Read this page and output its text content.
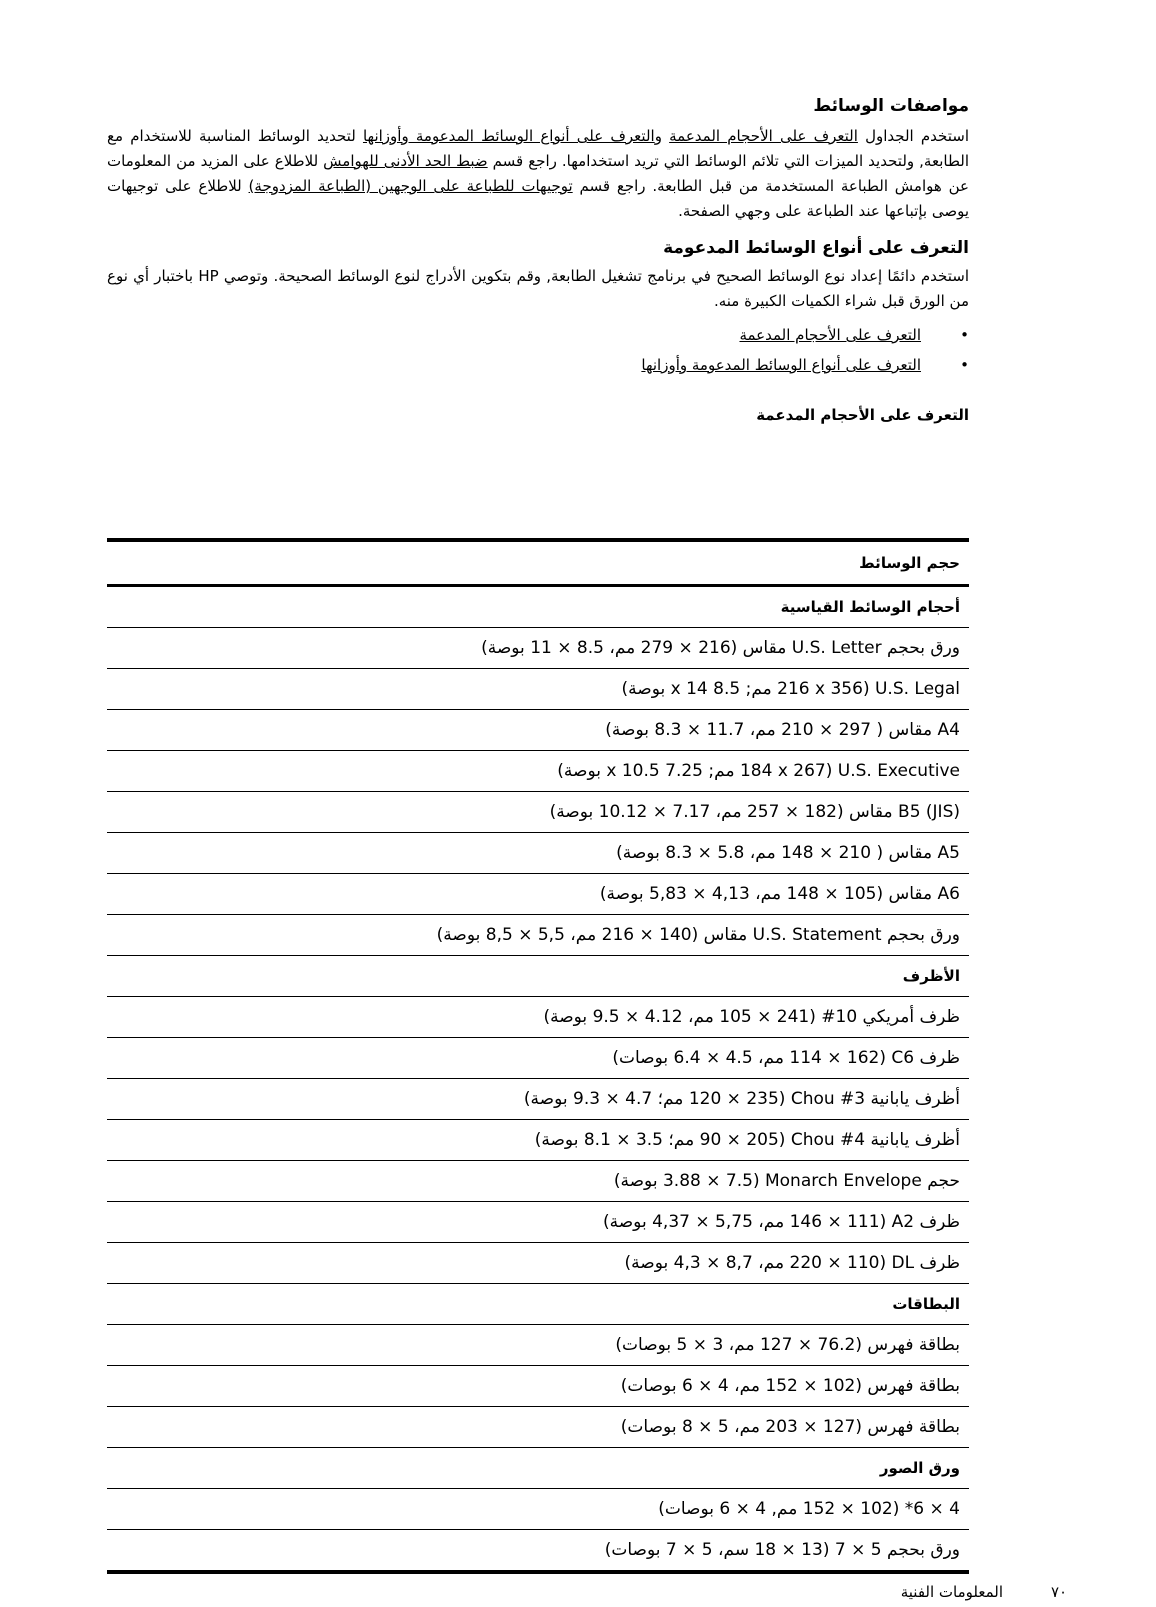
مواصفات الوسائط

استخدم الجداول التعرف على الأحجام المدعمة والتعرف على أنواع الوسائط المدعومة وأوزانها لتحديد الوسائط المناسبة للاستخدام مع الطابعة, ولتحديد الميزات التي تلائم الوسائط التي تريد استخدامها. راجع قسم ضبط الحد الأدنى للهوامش للاطلاع على المزيد من المعلومات عن هوامش الطباعة المستخدمة من قبل الطابعة. راجع قسم توجيهات للطباعة على الوجهين (الطباعة المزدوجة) للاطلاع على توجيهات يوصى بإتباعها عند الطباعة على وجهي الصفحة.

التعرف على أنواع الوسائط المدعومة

استخدم دائمًا إعداد نوع الوسائط الصحيح في برنامج تشغيل الطابعة, وقم بتكوين الأدراج لنوع الوسائط الصحيحة. وتوصي HP باختبار أي نوع من الورق قبل شراء الكميات الكبيرة منه.

• التعرف على الأحجام المدعمة
• التعرف على أنواع الوسائط المدعومة وأوزانها
التعرف على الأحجام المدعمة
حجم الوسائط
أحجام الوسائط القياسية
ورق بحجم U.S. Letter مقاس (216 × 279 مم، 8.5 × 11 بوصة)
U.S. Legal (216 x 356 مم; 8.5 x 14 بوصة)
A4 مقاس ( 297 × 210 مم، 11.7 × 8.3 بوصة)
U.S. Executive (184 x 267 مم; 7.25 x 10.5 بوصة)
B5 (JIS) مقاس (182 × 257 مم، 7.17 × 10.12 بوصة)
A5 مقاس ( 210 × 148 مم، 5.8 × 8.3 بوصة)
A6 مقاس (105 × 148 مم، 4,13 × 5,83 بوصة)
ورق بحجم U.S. Statement مقاس (140 × 216 مم، 5,5 × 8,5 بوصة)
الأظرف
ظرف أمريكي ‎#10‎ (105 × 241 مم، 4.12 × 9.5 بوصة)
ظرف C6 (114 × 162 مم، 4.5 × 6.4 بوصات)
أظرف يابانية Chou #3 (120 × 235 مم؛ 4.7 × 9.3 بوصة)
أظرف يابانية Chou #4 (90 × 205 مم؛ 3.5 × 8.1 بوصة)
حجم Monarch Envelope (3.88 × 7.5 بوصة)
ظرف A2 (146 × 111 مم، 5,75 × 4,37 بوصة)
ظرف DL (220 × 110 مم، 8,7 × 4,3 بوصة)
البطاقات
بطاقة فهرس (76.2 × 127 مم، 3 × 5 بوصات)
بطاقة فهرس (102 × 152 مم، 4 × 6 بوصات)
بطاقة فهرس (127 × 203 مم، 5 × 8 بوصات)
ورق الصور
4 × 6* (102 × 152 مم, 4 × 6 بوصات)
ورق بحجم 5 × 7 (13 × 18 سم، 5 × 7 بوصات)
المعلومات الفنية	٧٠
